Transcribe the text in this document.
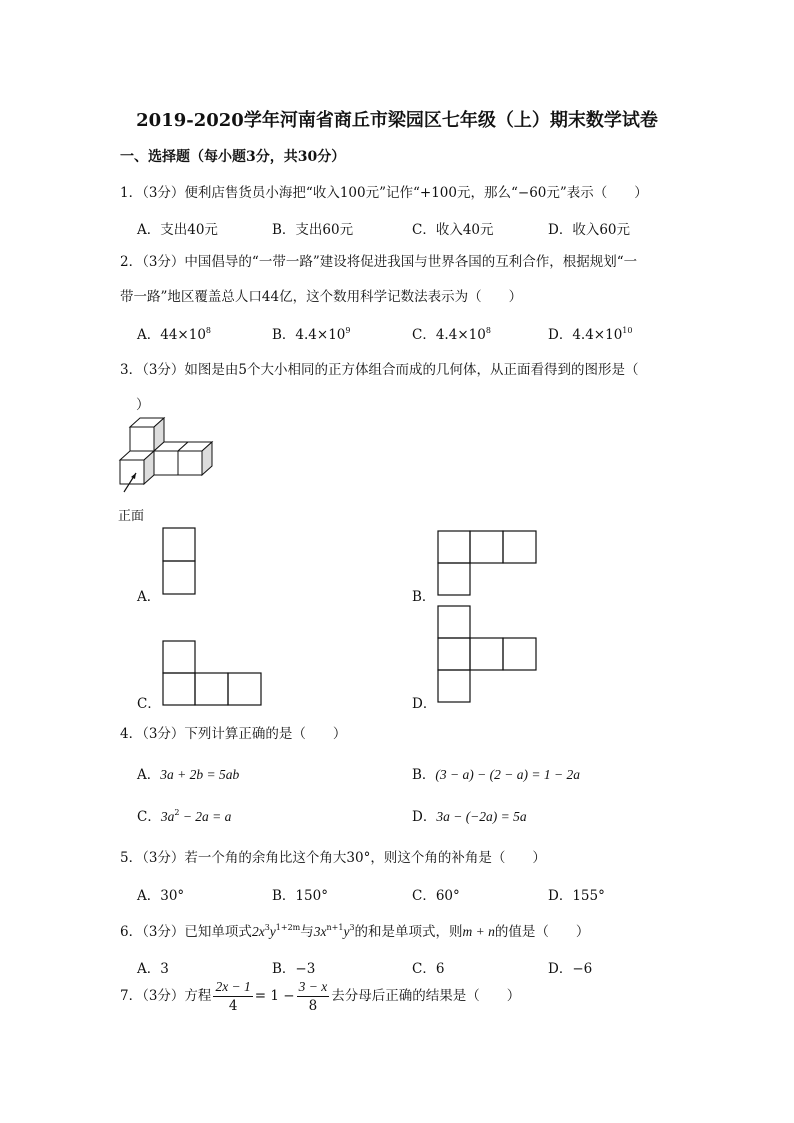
2019-2020学年河南省商丘市梁园区七年级（上）期末数学试卷
一、选择题（每小题3分，共30分）
1．（3分）便利店售货员小海把“收入100元”记作“+100元，那么“−60元”表示（　　）
A．支出40元	B．支出60元	C．收入40元	D．收入60元
2．（3分）中国倡导的“一带一路”建设将促进我国与世界各国的互利合作，根据规划“一
带一路”地区覆盖总人口44亿，这个数用科学记数法表示为（　　）
A．$44\times 10^8$	B．$4.4\times 10^9$	C．$4.4\times 10^8$	D．$4.4\times 10^{10}$
3．（3分）如图是由5个大小相同的正方体组合而成的几何体，从正面看得到的图形是（
）
正面
A．	B．
C．	D．
4．（3分）下列计算正确的是（　　）
A．3a + 2b = 5ab	B．(3 − a) − (2 − a) = 1 − 2a
C．$3a^2 - 2a = a$	D．3a − (−2a) = 5a
5．（3分）若一个角的余角比这个角大30°，则这个角的补角是（　　）
A．30°	B．150°	C．60°	D．155°
6．（3分）已知单项式$2x^3y^{1+2m}$与$3x^{n+1}y^3$的和是单项式，则m + n的值是（　　）
A．3	B．−3	C．6	D．−6
7．（3分）方程 $\frac{2x - 1}{4} = 1 - \frac{3 - x}{8}$ 去分母后正确的结果是（　　）
